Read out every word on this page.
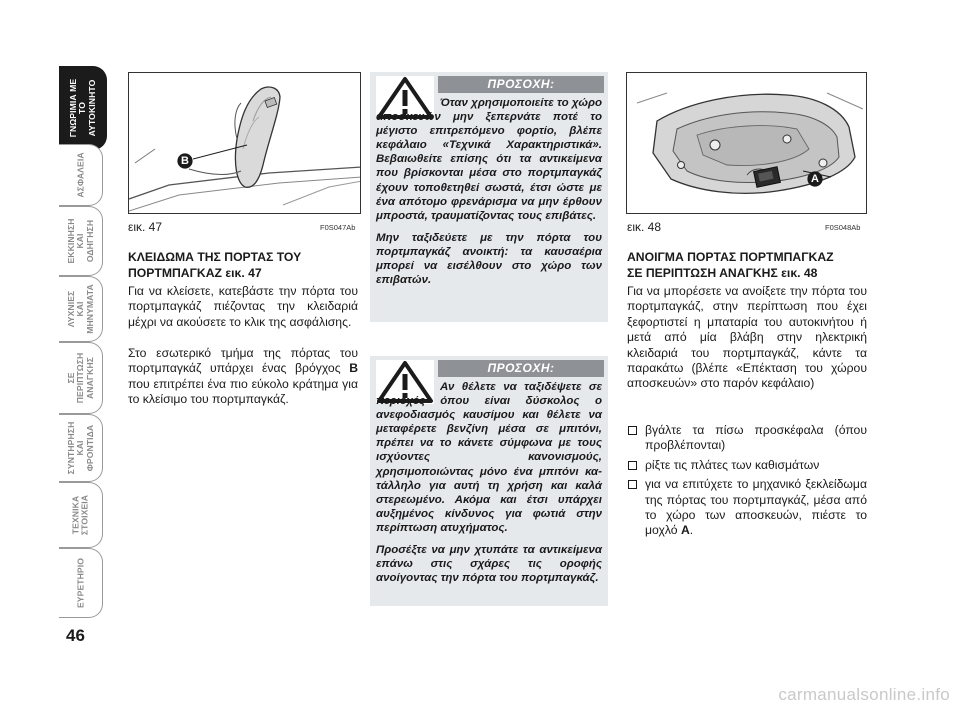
ΓΝΩΡΙΜΙΑ ΜΕ
ΤΟ
ΑΥΤΟΚΙΝΗΤΟ
ΑΣΦΑΛΕΙΑ
ΕΚΚΙΝΗΣΗ
ΚΑΙ
ΟΔΗΓΗΣΗ
ΛΥΧΝΙΕΣ
ΚΑΙ
ΜΗΝΥΜΑΤΑ
ΣΕ
ΠΕΡΙΠΤΩΣΗ
ΑΝΑΓΚΗΣ
ΣΥΝΤΗΡΗΣΗ
ΚΑΙ
ΦΡΟΝΤΙΔΑ
ΤΕΧΝΙΚΑ
ΣΤΟΙΧΕΙΑ
ΕΥΡΕΤΗΡΙΟ
46
B
εικ. 47	F0S047Ab
ΚΛΕΙΔΩΜΑ ΤΗΣ ΠΟΡΤΑΣ ΤΟΥ
ΠΟΡΤΜΠΑΓΚΑΖ εικ. 47
Για να κλείσετε, κατεβάστε την πόρτα του πορτμπαγκάζ πιέζοντας την κλειδαριά μέχρι να ακούσετε το κλικ της ασφάλισης.
Στο εσωτερικό τμήμα της πόρτας του πορτμπαγκάζ υπάρχει ένας βρόγχος B που επιτρέπει ένα πιο εύκολο κράτημα για το κλείσιμο του πορτμπαγκάζ.
ΠΡΟΣΟΧΗ:

Όταν χρησιμοποιείτε το χώρο αποσκευών μην ξεπερνάτε ποτέ το μέγιστο επιτρεπόμενο φορτίο, βλέπε κεφάλαιο «Τεχνικά Χαρακτηριστικά». Βεβαιωθείτε επίσης ότι τα αντικείμενα που βρίσκονται μέσα στο πορτμπαγκάζ έχουν τοποθετηθεί σωστά, έτσι ώστε με ένα απότομο φρενάρισμα να μην έρθουν μπροστά, τραυματίζοντας τους επιβάτες.

Μην ταξιδεύετε με την πόρτα του πορτμπαγκάζ ανοικτή: τα καυσαέρια μπορεί να εισέλθουν στο χώρο των επιβατών.

ΠΡΟΣΟΧΗ:

Αν θέλετε να ταξιδέψετε σε περιοχές όπου είναι δύσκολος ο ανεφοδιασμός καυσίμου και θέλετε να μεταφέρετε βενζίνη μέσα σε μπιτόνι, πρέπει να το κάνετε σύμφωνα με τους ισχύοντες κανονισμούς, χρησιμοποιώντας μόνο ένα μπιτόνι κατάλληλο για αυτή τη χρήση και καλά στερεωμένο. Ακόμα και έτσι υπάρχει αυξημένος κίνδυνος για φωτιά στην περίπτωση ατυχήματος.

Προσέξτε να μην χτυπάτε τα αντικείμενα επάνω στις σχάρες τις οροφής ανοίγοντας την πόρτα του πορτμπαγκάζ.

A
εικ. 48	F0S048Ab
ΑΝΟΙΓΜΑ ΠΟΡΤΑΣ ΠΟΡΤΜΠΑΓΚΑΖ
ΣΕ ΠΕΡΙΠΤΩΣΗ ΑΝΑΓΚΗΣ εικ. 48
Για να μπορέσετε να ανοίξετε την πόρτα του πορτμπαγκάζ, στην περίπτωση που έχει ξεφορτιστεί η μπαταρία του αυτοκινήτου ή μετά από μία βλάβη στην ηλεκτρική κλειδαριά του πορτμπαγκάζ, κάντε τα παρακάτω (βλέπε «Επέκταση του χώρου αποσκευών» στο παρόν κεφάλαιο)
βγάλτε τα πίσω προσκέφαλα (όπου προβλέπονται)
ρίξτε τις πλάτες των καθισμάτων
για να επιτύχετε το μηχανικό ξεκλείδωμα της πόρτας του πορτμπαγκάζ, μέσα από το χώρο των αποσκευών, πιέστε το μοχλό A.
carmanualsonline.info
